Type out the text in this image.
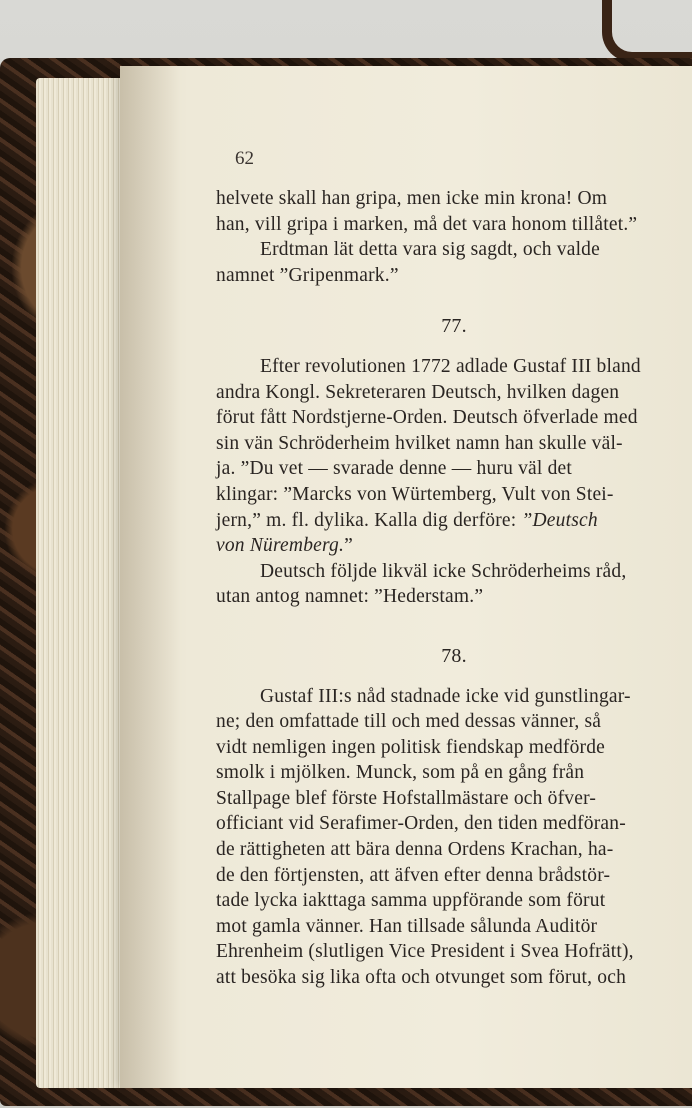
62

helvete skall han gripa, men icke min krona! Om

han, vill gripa i marken, må det vara honom tillåtet.”

Erdtman lät detta vara sig sagdt, och valde

namnet ”Gripenmark.”

77.

Efter revolutionen 1772 adlade Gustaf III bland

andra Kongl. Sekreteraren Deutsch, hvilken dagen

förut fått Nordstjerne-Orden. Deutsch öfverlade med

sin vän Schröderheim hvilket namn han skulle väl-

ja. ”Du vet — svarade denne — huru väl det

klingar: ”Marcks von Würtemberg, Vult von Stei-

jern,” m. fl. dylika. Kalla dig derföre: ”Deutsch

von Nüremberg.”

Deutsch följde likväl icke Schröderheims råd,

utan antog namnet: ”Hederstam.”

78.

Gustaf III:s nåd stadnade icke vid gunstlingar-

ne; den omfattade till och med dessas vänner, så

vidt nemligen ingen politisk fiendskap medförde

smolk i mjölken. Munck, som på en gång från

Stallpage blef förste Hofstallmästare och öfver-

officiant vid Serafimer-Orden, den tiden medföran-

de rättigheten att bära denna Ordens Krachan, ha-

de den förtjensten, att äfven efter denna brådstör-

tade lycka iakttaga samma uppförande som förut

mot gamla vänner. Han tillsade sålunda Auditör

Ehrenheim (slutligen Vice President i Svea Hofrätt),

att besöka sig lika ofta och otvunget som förut, och
